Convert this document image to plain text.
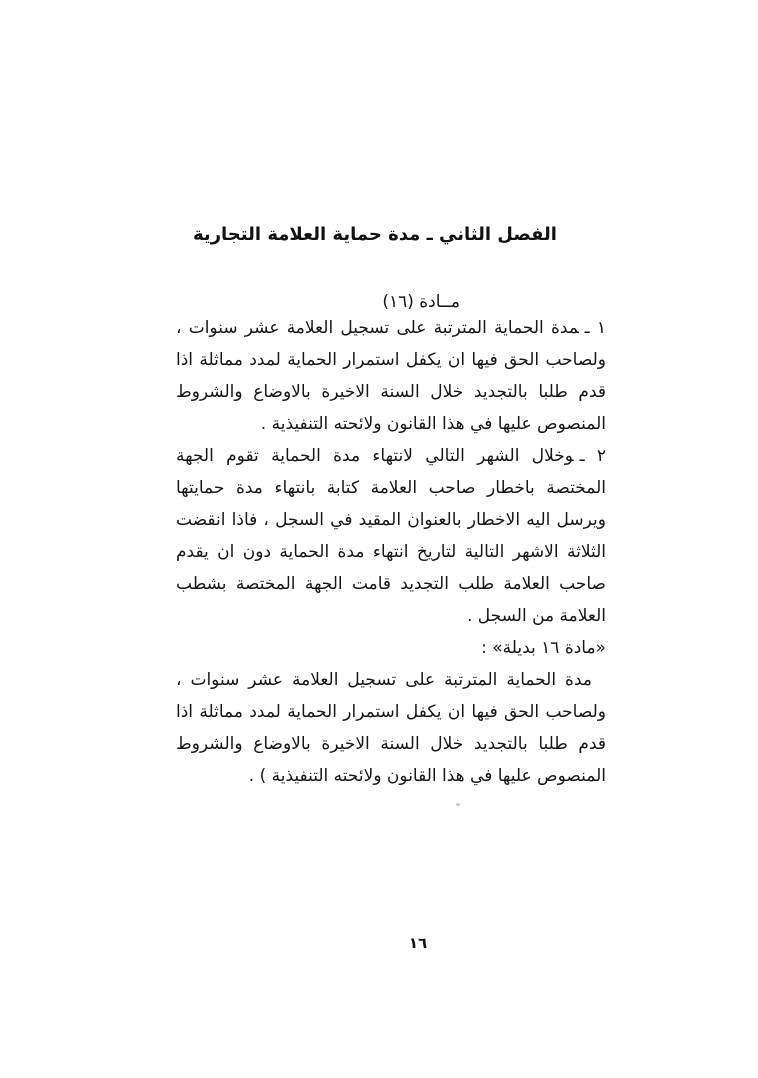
الفصل الثاني ـ مدة حماية العلامة التجارية
مــادة (١٦)

١ ـمدة الحماية المترتبة على تسجيل العلامة عشر سنوات ، ولصاحب الحق فيها ان يكفل استمرار الحماية لمدد مماثلة اذا قدم طلبا بالتجديد خلال السنة الاخيرة بالاوضاع والشروط المنصوص عليها في هذا القانون ولائحته التنفيذية .

٢ ـوخلال الشهر التالي لانتهاء مدة الحماية تقوم الجهة المختصة باخطار صاحب العلامة كتابة بانتهاء مدة حمايتها ويرسل اليه الاخطار بالعنوان المقيد في السجل ، فاذا انقضت الثلاثة الاشهر التالية لتاريخ انتهاء مدة الحماية دون ان يقدم صاحب العلامة طلب التجديد قامت الجهة المختصة بشطب العلامة من السجل .

«مادة ١٦ بديلة» :

مدة الحماية المترتبة على تسجيل العلامة عشر سنوات ، ولصاحب الحق فيها ان يكفل استمرار الحماية لمدد مماثلة اذا قدم طلبا بالتجديد خلال السنة الاخيرة بالاوضاع والشروط المنصوص عليها في هذا القانون ولائحته التنفيذية ) .

١٦
